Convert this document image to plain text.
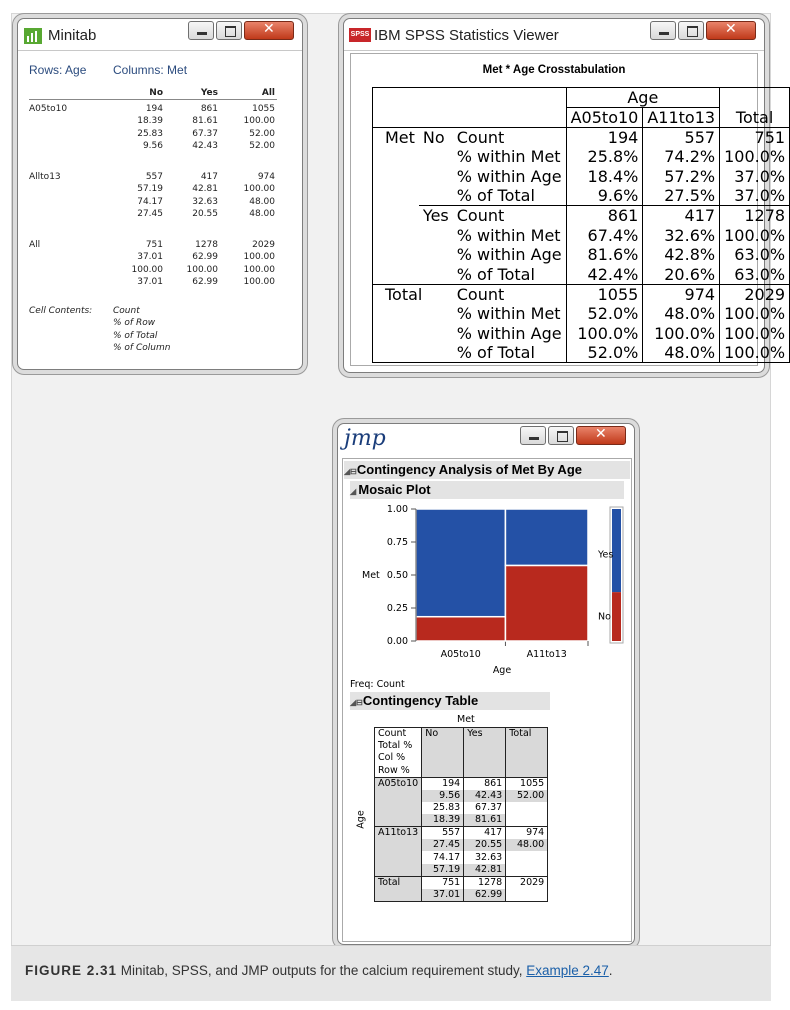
Minitab	✕
Rows: Age Columns: Met
No	Yes	All
A05to10	194	861	1055
18.39	81.61	100.00
25.83	67.37	52.00
9.56	42.43	52.00
Allto13	557	417	974
57.19	42.81	100.00
74.17	32.63	48.00
27.45	20.55	48.00
All	751	1278	2029
37.01	62.99	100.00
100.00	100.00	100.00
37.01	62.99	100.00
Cell Contents: Count
% of Row
% of Total
% of Column
SPSS IBM SPSS Statistics Viewer	✕
Met * Age Crosstabulation
			Age		Total
			A05to10	A11to13	
Met	No	Count	194	557	751
		% within Met	25.8%	74.2%	100.0%
		% within Age	18.4%	57.2%	37.0%
		% of Total	9.6%	27.5%	37.0%
	Yes	Count	861	417	1278
		% within Met	67.4%	32.6%	100.0%
		% within Age	81.6%	42.8%	63.0%
		% of Total	42.4%	20.6%	63.0%
Total		Count	1055	974	2029
		% within Met	52.0%	48.0%	100.0%
		% within Age	100.0%	100.0%	100.0%
		% of Total	52.0%	48.0%	100.0%
jmp	✕
◢⊟Contingency Analysis of Met By Age
◢ Mosaic Plot
A05to10	A11to13
0.00
0.25
0.50
0.75
1.00
Met
Age
Yes
No
Freq: Count
◢⊟Contingency Table
Met
Age
Count	No	Yes	Total
Total %			
Col %			
Row %			
A05to10	194	861	1055
	9.56	42.43	52.00
	25.83	67.37	
	18.39	81.61	
A11to13	557	417	974
	27.45	20.55	48.00
	74.17	32.63	
	57.19	42.81	
Total	751	1278	2029
	37.01	62.99	
FIGURE 2.31 Minitab, SPSS, and JMP outputs for the calcium requirement study, Example 2.47.
